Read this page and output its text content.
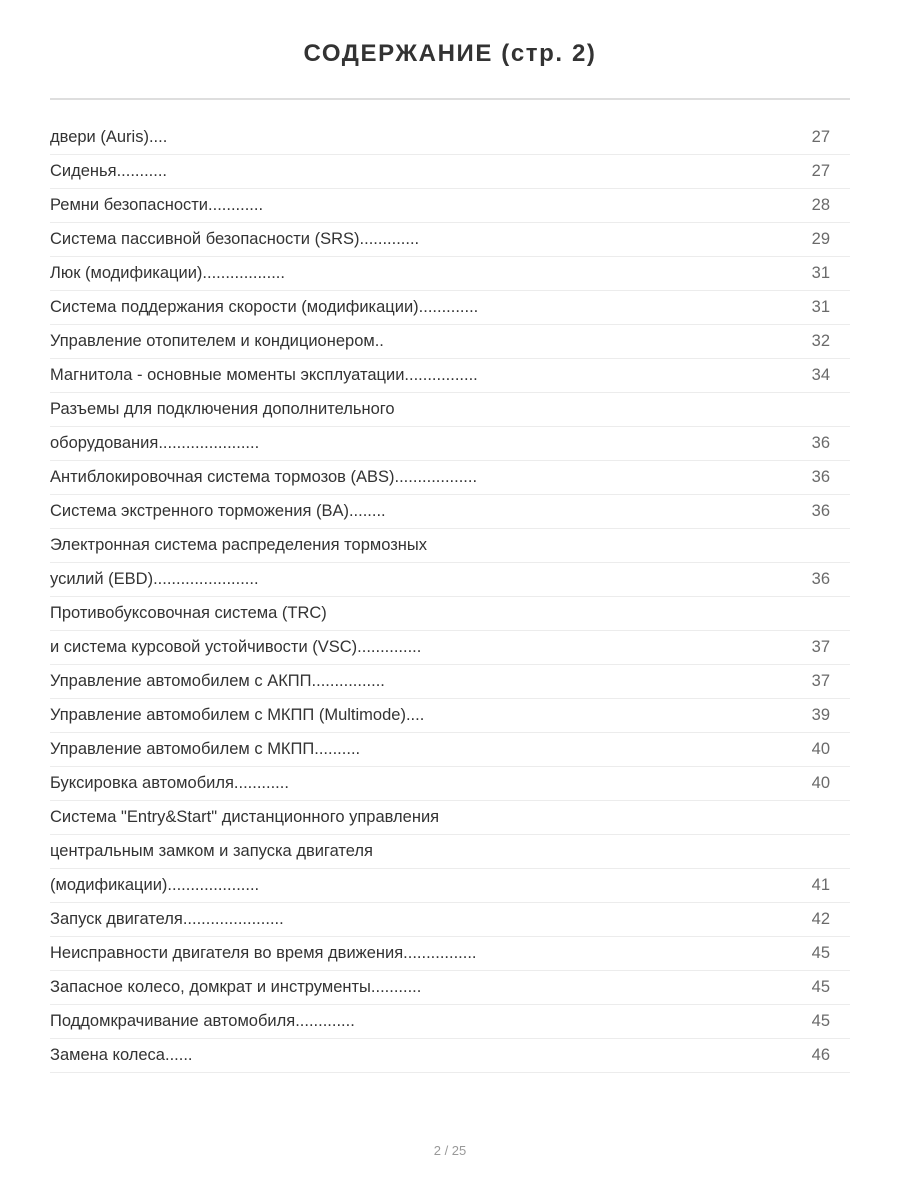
СОДЕРЖАНИЕ (стр. 2)
двери (Auris)....	27
Сиденья...........	27
Ремни безопасности............	28
Система пассивной безопасности (SRS).............	29
Люк (модификации)..................	31
Система поддержания скорости (модификации).............	31
Управление отопителем и кондиционером..	32
Магнитола - основные моменты эксплуатации................	34
Разъемы для подключения дополнительного
оборудования......................	36
Антиблокировочная система тормозов (ABS)..................	36
Система экстренного торможения (BA)........	36
Электронная система распределения тормозных
усилий (EBD).......................	36
Противобуксовочная система (TRC)
и система курсовой устойчивости (VSC)..............	37
Управление автомобилем с АКПП................	37
Управление автомобилем с МКПП (Multimode)....	39
Управление автомобилем с МКПП..........	40
Буксировка автомобиля............	40
Система "Entry&Start" дистанционного управления
центральным замком и запуска двигателя
(модификации)....................	41
Запуск двигателя......................	42
Неисправности двигателя во время движения................	45
Запасное колесо, домкрат и инструменты...........	45
Поддомкрачивание автомобиля.............	45
Замена колеса......	46
2 / 25
